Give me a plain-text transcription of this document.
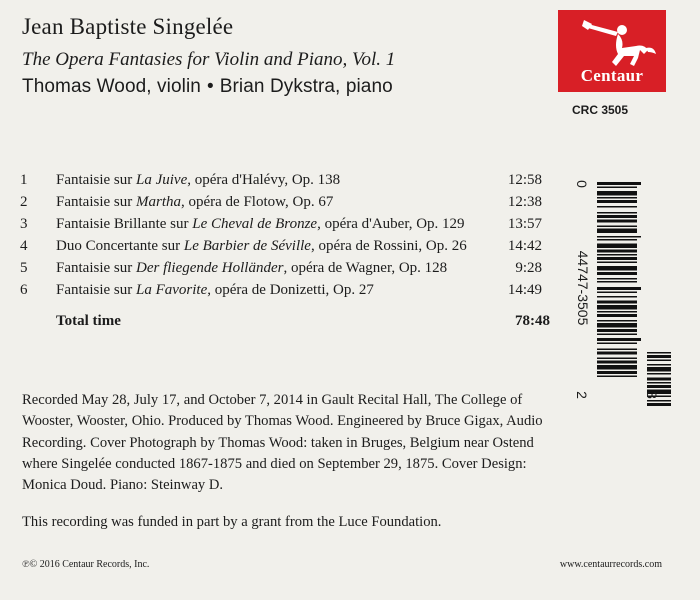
Jean Baptiste Singelée
The Opera Fantasies for Violin and Piano, Vol. 1
Thomas Wood, violin • Brian Dykstra, piano
Centaur
CRC 3505
1 Fantaisie sur La Juive, opéra d'Halévy, Op. 138	12:58
2 Fantaisie sur Martha, opéra de Flotow, Op. 67	12:38
3 Fantaisie Brillante sur Le Cheval de Bronze, opéra d'Auber, Op. 129	13:57
4 Duo Concertante sur Le Barbier de Séville, opéra de Rossini, Op. 26	14:42
5 Fantaisie sur Der fliegende Holländer, opéra de Wagner, Op. 128	9:28
6 Fantaisie sur La Favorite, opéra de Donizetti, Op. 27	14:49
Total time	78:48
0
44747-3505
2	3
Recorded May 28, July 17, and October 7, 2014 in Gault Recital Hall, The College of Wooster, Wooster, Ohio. Produced by Thomas Wood. Engineered by Bruce Gigax, Audio Recording. Cover Photograph by Thomas Wood: taken in Bruges, Belgium near Ostend where Singelée conducted 1867-1875 and died on September 29, 1875. Cover Design: Monica Doud. Piano: Steinway D.
This recording was funded in part by a grant from the Luce Foundation.
℗© 2016 Centaur Records, Inc.	www.centaurrecords.com
